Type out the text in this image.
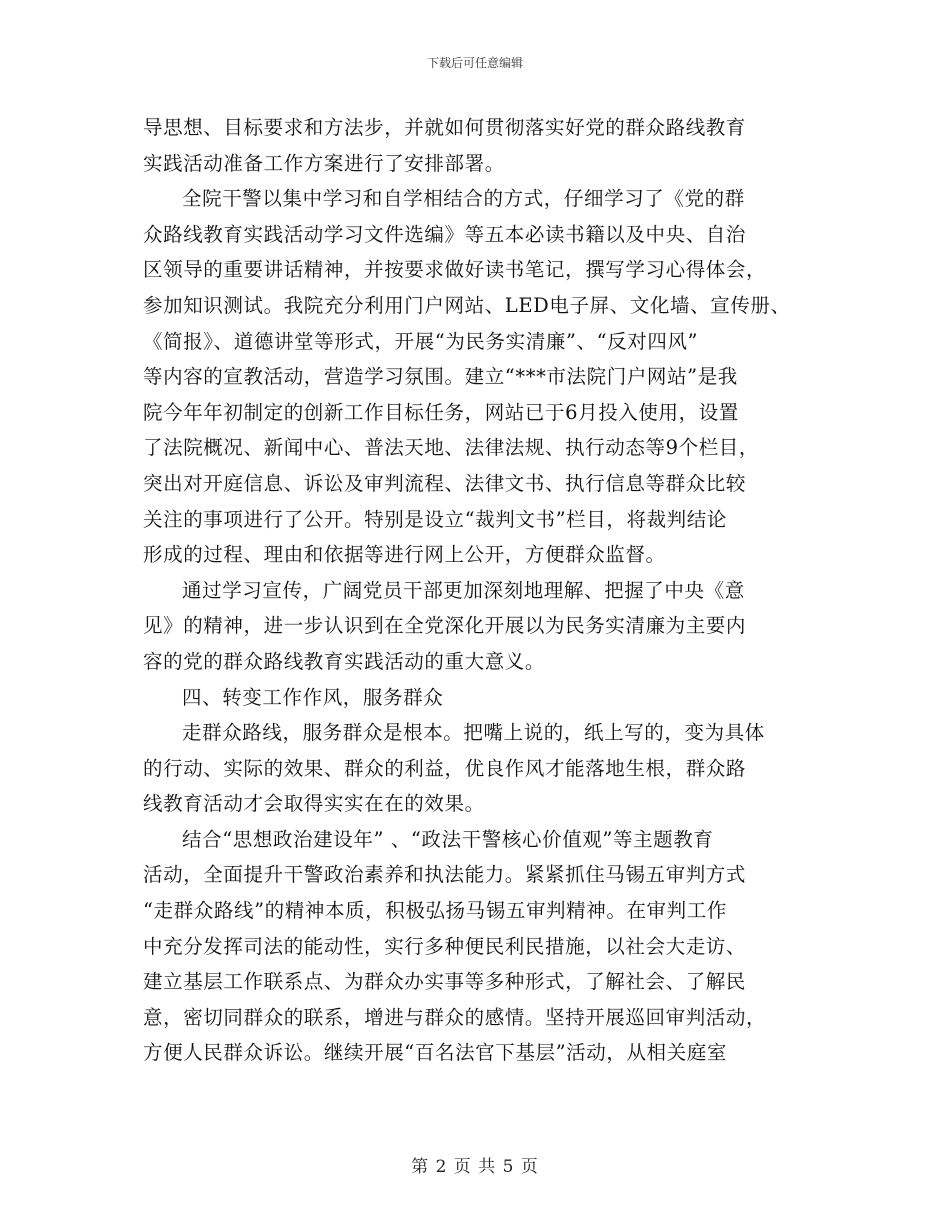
下载后可任意编辑
导思想、目标要求和方法步，并就如何贯彻落实好党的群众路线教育
实践活动准备工作方案进行了安排部署。
全院干警以集中学习和自学相结合的方式，仔细学习了《党的群
众路线教育实践活动学习文件选编》等五本必读书籍以及中央、自治
区领导的重要讲话精神，并按要求做好读书笔记，撰写学习心得体会，
参加知识测试。我院充分利用门户网站、LED电子屏、文化墙、宣传册、
《简报》、道德讲堂等形式，开展“为民务实清廉”、“反对四风”
等内容的宣教活动，营造学习氛围。建立“***市法院门户网站”是我
院今年年初制定的创新工作目标任务，网站已于6月投入使用，设置
了法院概况、新闻中心、普法天地、法律法规、执行动态等9个栏目，
突出对开庭信息、诉讼及审判流程、法律文书、执行信息等群众比较
关注的事项进行了公开。特别是设立“裁判文书”栏目，将裁判结论
形成的过程、理由和依据等进行网上公开，方便群众监督。
通过学习宣传，广阔党员干部更加深刻地理解、把握了中央《意
见》的精神，进一步认识到在全党深化开展以为民务实清廉为主要内
容的党的群众路线教育实践活动的重大意义。
四、转变工作作风，服务群众
走群众路线，服务群众是根本。把嘴上说的，纸上写的，变为具体
的行动、实际的效果、群众的利益，优良作风才能落地生根，群众路
线教育活动才会取得实实在在的效果。
结合“思想政治建设年” 、“政法干警核心价值观”等主题教育
活动，全面提升干警政治素养和执法能力。紧紧抓住马锡五审判方式
“走群众路线”的精神本质，积极弘扬马锡五审判精神。在审判工作
中充分发挥司法的能动性，实行多种便民利民措施，以社会大走访、
建立基层工作联系点、为群众办实事等多种形式，了解社会、了解民
意，密切同群众的联系，增进与群众的感情。坚持开展巡回审判活动，
方便人民群众诉讼。继续开展“百名法官下基层”活动，从相关庭室
第 2 页 共 5 页
